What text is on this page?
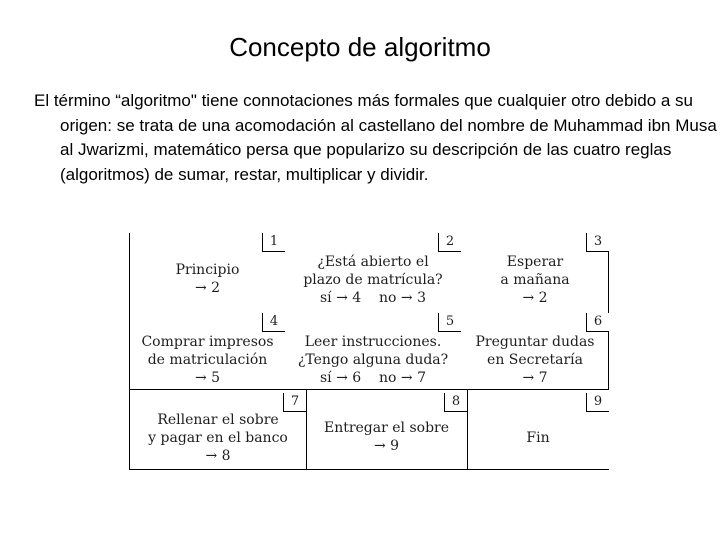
Concepto de algoritmo
El término “algoritmo" tiene connotaciones más formales que cualquier otro debido a su origen: se trata de una acomodación al castellano del nombre de Muhammad ibn Musa al Jwarizmi, matemático persa que popularizo su descripción de las cuatro reglas (algoritmos) de sumar, restar, multiplicar y dividir.
1
Principio
→ 2
2
¿Está abierto el
plazo de matrícula?
sí → 4    no → 3
3
Esperar
a mañana
→ 2
4
Comprar impresos
de matriculación
→ 5
5
Leer instrucciones.
¿Tengo alguna duda?
sí → 6    no → 7
6
Preguntar dudas
en Secretaría
→ 7
7
Rellenar el sobre
y pagar en el banco
→ 8
8
Entregar el sobre
→ 9
9
Fin
